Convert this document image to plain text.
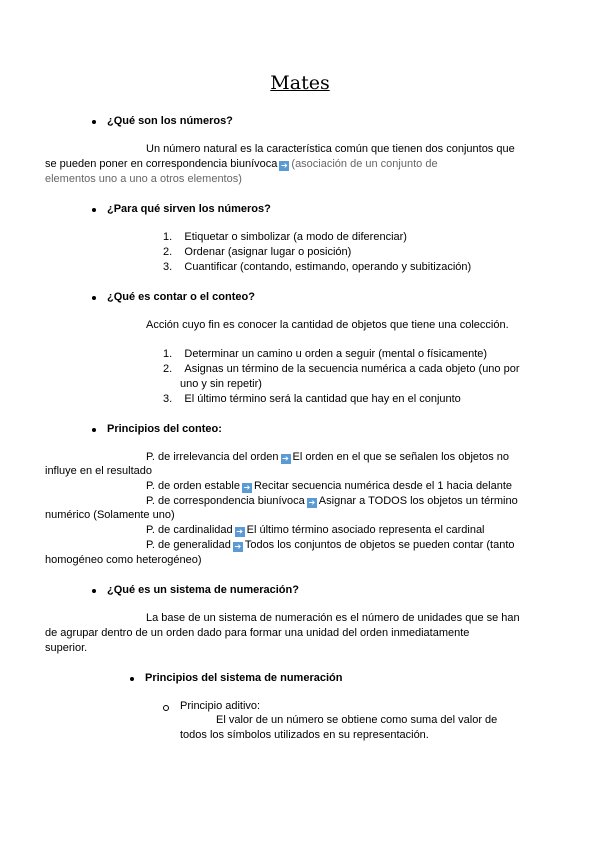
Mates
¿Qué son los números?
Un número natural es la característica común que tienen dos conjuntos que
se pueden poner en correspondencia biunívoca ➔ (asociación de un conjunto de
elementos uno a uno a otros elementos)
¿Para qué sirven los números?
1.    Etiquetar o simbolizar (a modo de diferenciar)
2.    Ordenar (asignar lugar o posición)
3.    Cuantificar (contando, estimando, operando y subitización)
¿Qué es contar o el conteo?
Acción cuyo fin es conocer la cantidad de objetos que tiene una colección.
1.    Determinar un camino u orden a seguir (mental o físicamente)
2.    Asignas un término de la secuencia numérica a cada objeto (uno por
uno y sin repetir)
3.    El último término será la cantidad que hay en el conjunto
Principios del conteo:
P. de irrelevancia del orden ➔ El orden en el que se señalen los objetos no
influye en el resultado
P. de orden estable ➔ Recitar secuencia numérica desde el 1 hacia delante
P. de correspondencia biunívoca ➔ Asignar a TODOS los objetos un término
numérico (Solamente uno)
P. de cardinalidad ➔ El último término asociado representa el cardinal
P. de generalidad ➔ Todos los conjuntos de objetos se pueden contar (tanto
homogéneo como heterogéneo)
¿Qué es un sistema de numeración?
La base de un sistema de numeración es el número de unidades que se han
de agrupar dentro de un orden dado para formar una unidad del orden inmediatamente
superior.
Principios del sistema de numeración
Principio aditivo:
El valor de un número se obtiene como suma del valor de
todos los símbolos utilizados en su representación.
